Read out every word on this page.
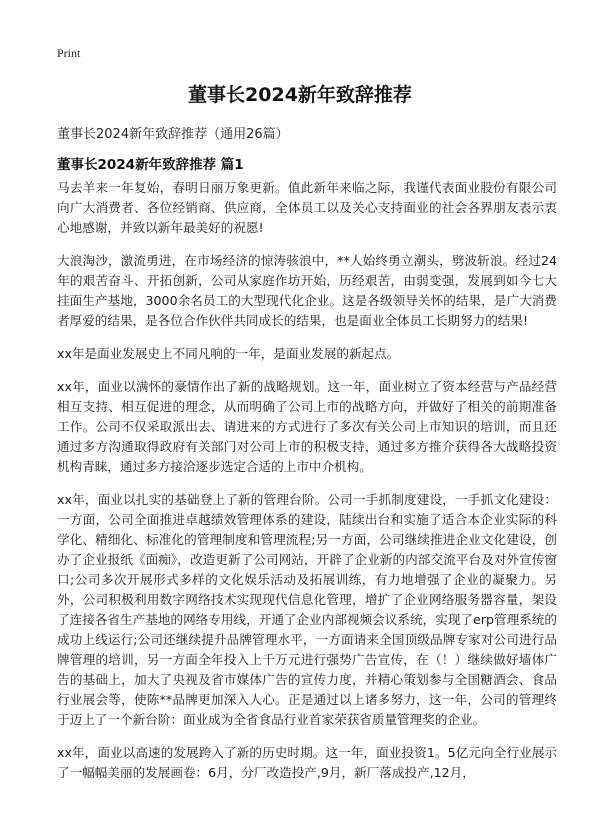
Print
董事长2024新年致辞推荐
董事长2024新年致辞推荐（通用26篇）
董事长2024新年致辞推荐 篇1

马去羊来一年复始，春明日丽万象更新。值此新年来临之际，我谨代表面业股份有限公司向广大消费者、各位经销商、供应商，全体员工以及关心支持面业的社会各界朋友表示衷心地感谢，并致以新年最美好的祝愿!

大浪淘沙，激流勇进，在市场经济的惊涛骇浪中，**人始终勇立潮头，劈波斩浪。经过24年的艰苦奋斗、开拓创新，公司从家庭作坊开始，历经艰苦，由弱变强，发展到如今七大挂面生产基地，3000余名员工的大型现代化企业。这是各级领导关怀的结果，是广大消费者厚爱的结果，是各位合作伙伴共同成长的结果，也是面业全体员工长期努力的结果!

xx年是面业发展史上不同凡响的一年，是面业发展的新起点。

xx年，面业以满怀的豪情作出了新的战略规划。这一年，面业树立了资本经营与产品经营相互支持、相互促进的理念，从而明确了公司上市的战略方向，并做好了相关的前期准备工作。公司不仅采取派出去、请进来的方式进行了多次有关公司上市知识的培训，而且还通过多方沟通取得政府有关部门对公司上市的积极支持，通过多方推介获得各大战略投资机构青睐，通过多方接洽逐步选定合适的上市中介机构。

xx年，面业以扎实的基础登上了新的管理台阶。公司一手抓制度建设，一手抓文化建设：一方面，公司全面推进卓越绩效管理体系的建设，陆续出台和实施了适合本企业实际的科学化、精细化、标准化的管理制度和管理流程;另一方面，公司继续推进企业文化建设，创办了企业报纸《面痴》，改造更新了公司网站，开辟了企业新的内部交流平台及对外宣传窗口;公司多次开展形式多样的文化娱乐活动及拓展训练，有力地增强了企业的凝聚力。另外，公司积极利用数字网络技术实现现代信息化管理，增扩了企业网络服务器容量，架设了连接各省生产基地的网络专用线，开通了企业内部视频会议系统，实现了erp管理系统的成功上线运行;公司还继续提升品牌管理水平，一方面请来全国顶级品牌专家对公司进行品牌管理的培训，另一方面全年投入上千万元进行强势广告宣传，在（！）继续做好墙体广告的基础上，加大了央视及省市媒体广告的宣传力度，并精心策划参与全国糖酒会、食品行业展会等，使陈**品牌更加深入人心。正是通过以上诸多努力，这一年，公司的管理终于迈上了一个新台阶：面业成为全省食品行业首家荣获省质量管理奖的企业。

xx年，面业以高速的发展跨入了新的历史时期。这一年，面业投资1。5亿元向全行业展示了一幅幅美丽的发展画卷：6月，分厂改造投产,9月，新厂落成投产,12月，
